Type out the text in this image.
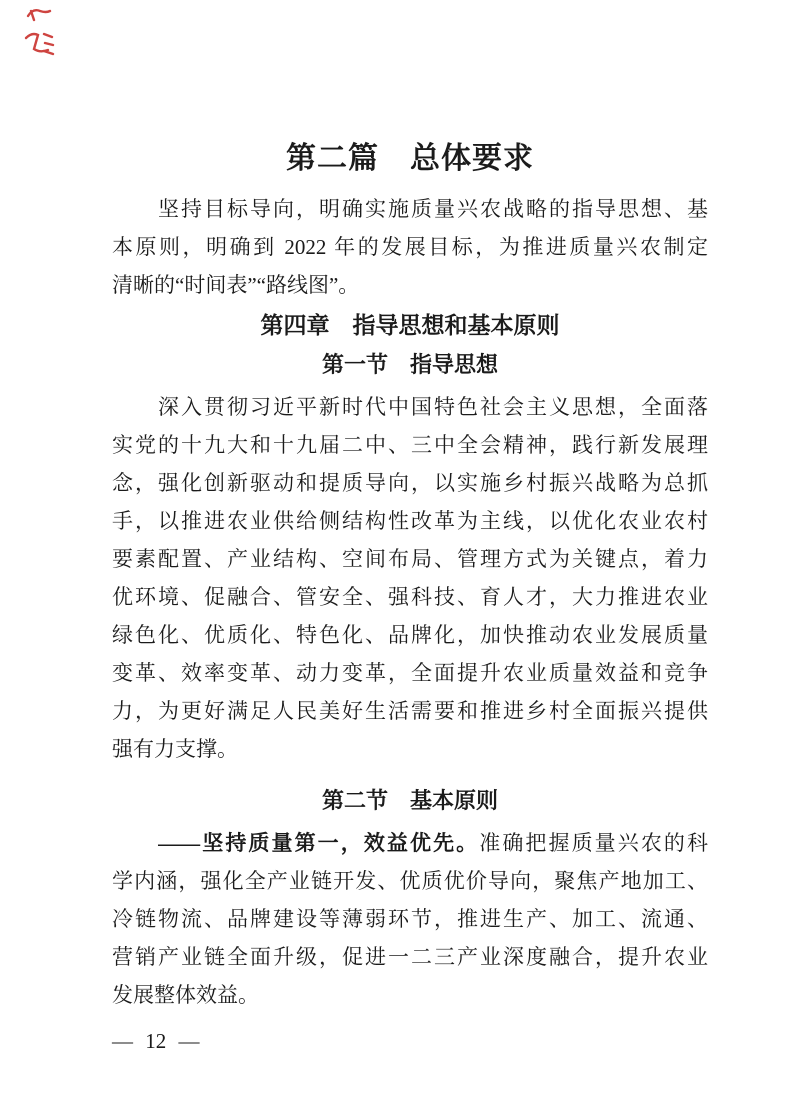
第二篇　总体要求
　　坚持目标导向，明确实施质量兴农战略的指导思想、基
本原则，明确到 2022 年的发展目标，为推进质量兴农制定
清晰的“时间表”“路线图”。
第四章　指导思想和基本原则
第一节　指导思想
　　深入贯彻习近平新时代中国特色社会主义思想，全面落
实党的十九大和十九届二中、三中全会精神，践行新发展理
念，强化创新驱动和提质导向，以实施乡村振兴战略为总抓
手，以推进农业供给侧结构性改革为主线，以优化农业农村
要素配置、产业结构、空间布局、管理方式为关键点，着力
优环境、促融合、管安全、强科技、育人才，大力推进农业
绿色化、优质化、特色化、品牌化，加快推动农业发展质量
变革、效率变革、动力变革，全面提升农业质量效益和竞争
力，为更好满足人民美好生活需要和推进乡村全面振兴提供
强有力支撑。
第二节　基本原则
　　——坚持质量第一，效益优先。准确把握质量兴农的科
学内涵，强化全产业链开发、优质优价导向，聚焦产地加工、
冷链物流、品牌建设等薄弱环节，推进生产、加工、流通、
营销产业链全面升级，促进一二三产业深度融合，提升农业
发展整体效益。
— 12 —
